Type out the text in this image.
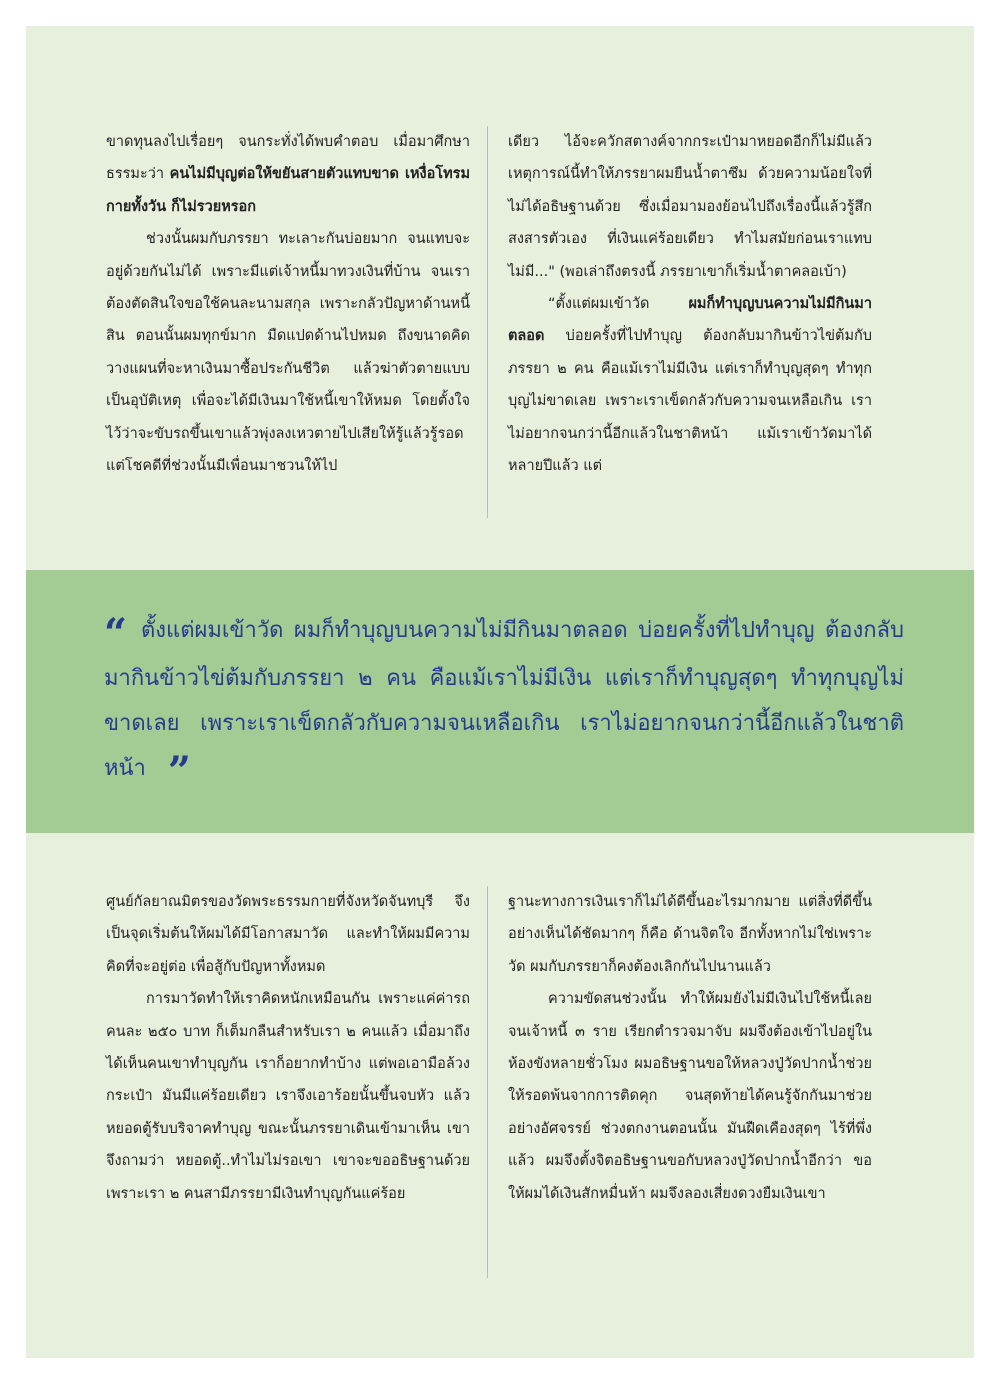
ขาดทุนลงไปเรื่อยๆ จนกระทั่งได้พบคำตอบ เมื่อมาศึกษาธรรมะว่า คนไม่มีบุญต่อให้ขยันสายตัวแทบขาด เหงื่อโทรมกายทั้งวัน ก็ไม่รวยหรอก

ช่วงนั้นผมกับภรรยา ทะเลาะกันบ่อยมาก จนแทบจะอยู่ด้วยกันไม่ได้ เพราะมีแต่เจ้าหนี้มาทวงเงินที่บ้าน จนเราต้องตัดสินใจขอใช้คนละนามสกุล เพราะกลัวปัญหาด้านหนี้สิน ตอนนั้นผมทุกข์มาก มืดแปดด้านไปหมด ถึงขนาดคิดวางแผนที่จะหาเงินมาซื้อประกันชีวิต แล้วฆ่าตัวตายแบบเป็นอุบัติเหตุ เพื่อจะได้มีเงินมาใช้หนี้เขาให้หมด โดยตั้งใจไว้ว่าจะขับรถขึ้นเขาแล้วพุ่งลงเหวตายไปเสียให้รู้แล้วรู้รอด แต่โชคดีที่ช่วงนั้นมีเพื่อนมาชวนให้ไป

เดียว ไอ้จะควักสตางค์จากกระเป๋ามาหยอดอีกก็ไม่มีแล้ว เหตุการณ์นี้ทำให้ภรรยาผมยืนน้ำตาซึม ด้วยความน้อยใจที่ไม่ได้อธิษฐานด้วย ซึ่งเมื่อมามองย้อนไปถึงเรื่องนี้แล้วรู้สึกสงสารตัวเอง ที่เงินแค่ร้อยเดียว ทำไมสมัยก่อนเราแทบไม่มี..." (พอเล่าถึงตรงนี้ ภรรยาเขาก็เริ่มน้ำตาคลอเบ้า)

“ตั้งแต่ผมเข้าวัด ผมก็ทำบุญบนความไม่มีกินมาตลอด บ่อยครั้งที่ไปทำบุญ ต้องกลับมากินข้าวไข่ต้มกับภรรยา ๒ คน คือแม้เราไม่มีเงิน แต่เราก็ทำบุญสุดๆ ทำทุกบุญไม่ขาดเลย เพราะเราเข็ดกลัวกับความจนเหลือเกิน เราไม่อยากจนกว่านี้อีกแล้วในชาติหน้า แม้เราเข้าวัดมาได้หลายปีแล้ว แต่

“ ตั้งแต่ผมเข้าวัด ผมก็ทำบุญบนความไม่มีกินมาตลอด บ่อยครั้งที่ไปทำบุญ ต้องกลับมากินข้าวไข่ต้มกับภรรยา ๒ คน คือแม้เราไม่มีเงิน แต่เราก็ทำบุญสุดๆ ทำทุกบุญไม่ขาดเลย เพราะเราเข็ดกลัวกับความจนเหลือเกิน เราไม่อยากจนกว่านี้อีกแล้วในชาติหน้า ”

ศูนย์กัลยาณมิตรของวัดพระธรรมกายที่จังหวัดจันทบุรี จึงเป็นจุดเริ่มต้นให้ผมได้มีโอกาสมาวัด และทำให้ผมมีความคิดที่จะอยู่ต่อ เพื่อสู้กับปัญหาทั้งหมด

การมาวัดทำให้เราคิดหนักเหมือนกัน เพราะแค่ค่ารถคนละ ๒๕๐ บาท ก็เต็มกลืนสำหรับเรา ๒ คนแล้ว เมื่อมาถึงได้เห็นคนเขาทำบุญกัน เราก็อยากทำบ้าง แต่พอเอามือล้วงกระเป๋า มันมีแค่ร้อยเดียว เราจึงเอาร้อยนั้นขึ้นจบหัว แล้วหยอดตู้รับบริจาคทำบุญ ขณะนั้นภรรยาเดินเข้ามาเห็น เขาจึงถามว่า หยอดตู้..ทำไมไม่รอเขา เขาจะขออธิษฐานด้วย เพราะเรา ๒ คนสามีภรรยามีเงินทำบุญกันแค่ร้อย

ฐานะทางการเงินเราก็ไม่ได้ดีขึ้นอะไรมากมาย แต่สิ่งที่ดีขึ้นอย่างเห็นได้ชัดมากๆ ก็คือ ด้านจิตใจ อีกทั้งหากไม่ใช่เพราะวัด ผมกับภรรยาก็คงต้องเลิกกันไปนานแล้ว

ความขัดสนช่วงนั้น ทำให้ผมยังไม่มีเงินไปใช้หนี้เลย จนเจ้าหนี้ ๓ ราย เรียกตำรวจมาจับ ผมจึงต้องเข้าไปอยู่ในห้องขังหลายชั่วโมง ผมอธิษฐานขอให้หลวงปู่วัดปากน้ำช่วยให้รอดพ้นจากการติดคุก จนสุดท้ายได้คนรู้จักกันมาช่วยอย่างอัศจรรย์ ช่วงตกงานตอนนั้น มันฝืดเคืองสุดๆ ไร้ที่พึ่งแล้ว ผมจึงตั้งจิตอธิษฐานขอกับหลวงปู่วัดปากน้ำอีกว่า ขอให้ผมได้เงินสักหมื่นห้า ผมจึงลองเสี่ยงดวงยืมเงินเขา
